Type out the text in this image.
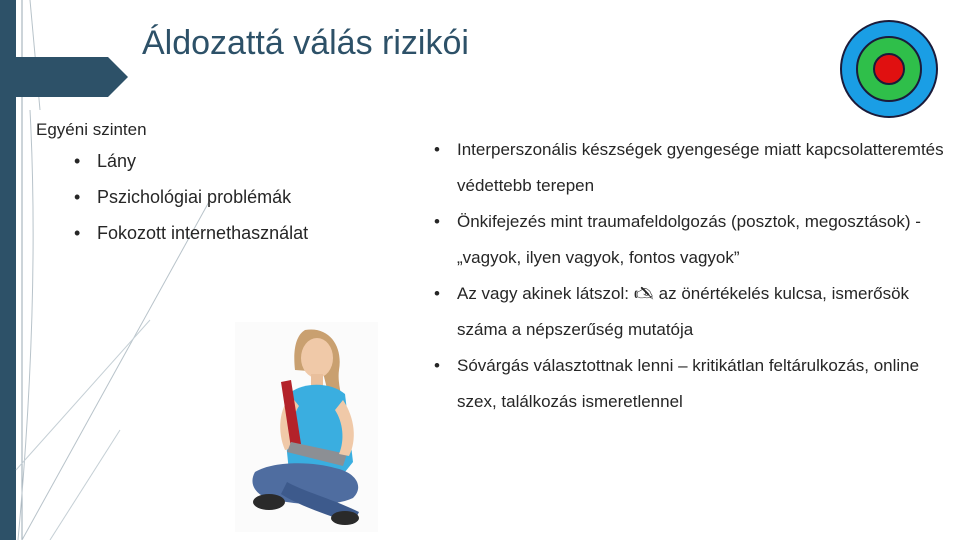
Áldozattá válás rizikói
Egyéni szinten
• Lány
• Pszichológiai problémák
• Fokozott internethasználat
• Interperszonális készségek gyengesége miatt kapcsolatteremtés védettebb terepen
• Önkifejezés mint traumafeldolgozás (posztok, megosztások) - „vagyok, ilyen vagyok, fontos vagyok”
• Az vagy akinek látszol: 🖎 az önértékelés kulcsa, ismerősök száma a népszerűség mutatója
• Sóvárgás választottnak lenni – kritikátlan feltárulkozás, online szex, találkozás ismeretlennel
